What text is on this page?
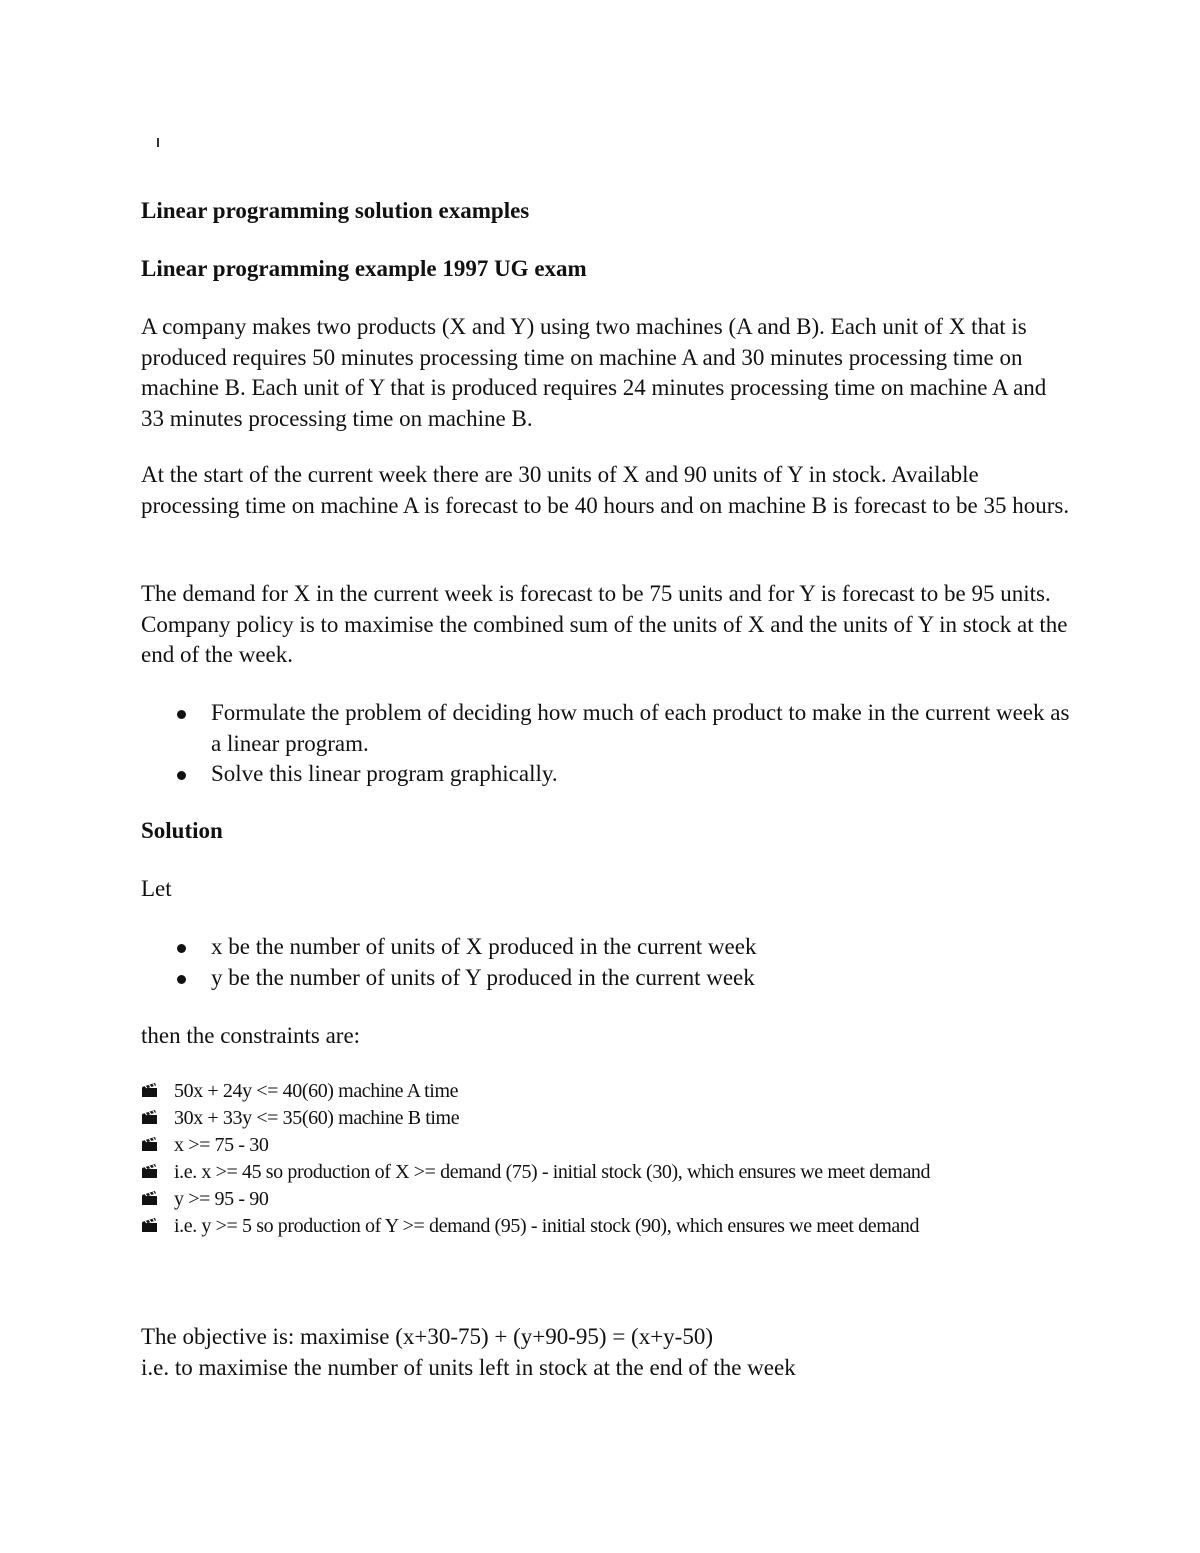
Linear programming solution examples
Linear programming example 1997 UG exam

A company makes two products (X and Y) using two machines (A and B). Each unit of X that is produced requires 50 minutes processing time on machine A and 30 minutes processing time on machine B. Each unit of Y that is produced requires 24 minutes processing time on machine A and 33 minutes processing time on machine B.

At the start of the current week there are 30 units of X and 90 units of Y in stock. Available processing time on machine A is forecast to be 40 hours and on machine B is forecast to be 35 hours.

The demand for X in the current week is forecast to be 75 units and for Y is forecast to be 95 units. Company policy is to maximise the combined sum of the units of X and the units of Y in stock at the end of the week.

Formulate the problem of deciding how much of each product to make in the current week as a linear program.
Solve this linear program graphically.
Solution

Let

x be the number of units of X produced in the current week
y be the number of units of Y produced in the current week

then the constraints are:

50x + 24y <= 40(60) machine A time
30x + 33y <= 35(60) machine B time
x >= 75 - 30
i.e. x >= 45 so production of X >= demand (75) - initial stock (30), which ensures we meet demand
y >= 95 - 90
i.e. y >= 5 so production of Y >= demand (95) - initial stock (90), which ensures we meet demand

The objective is: maximise (x+30-75) + (y+90-95) = (x+y-50)

i.e. to maximise the number of units left in stock at the end of the week
